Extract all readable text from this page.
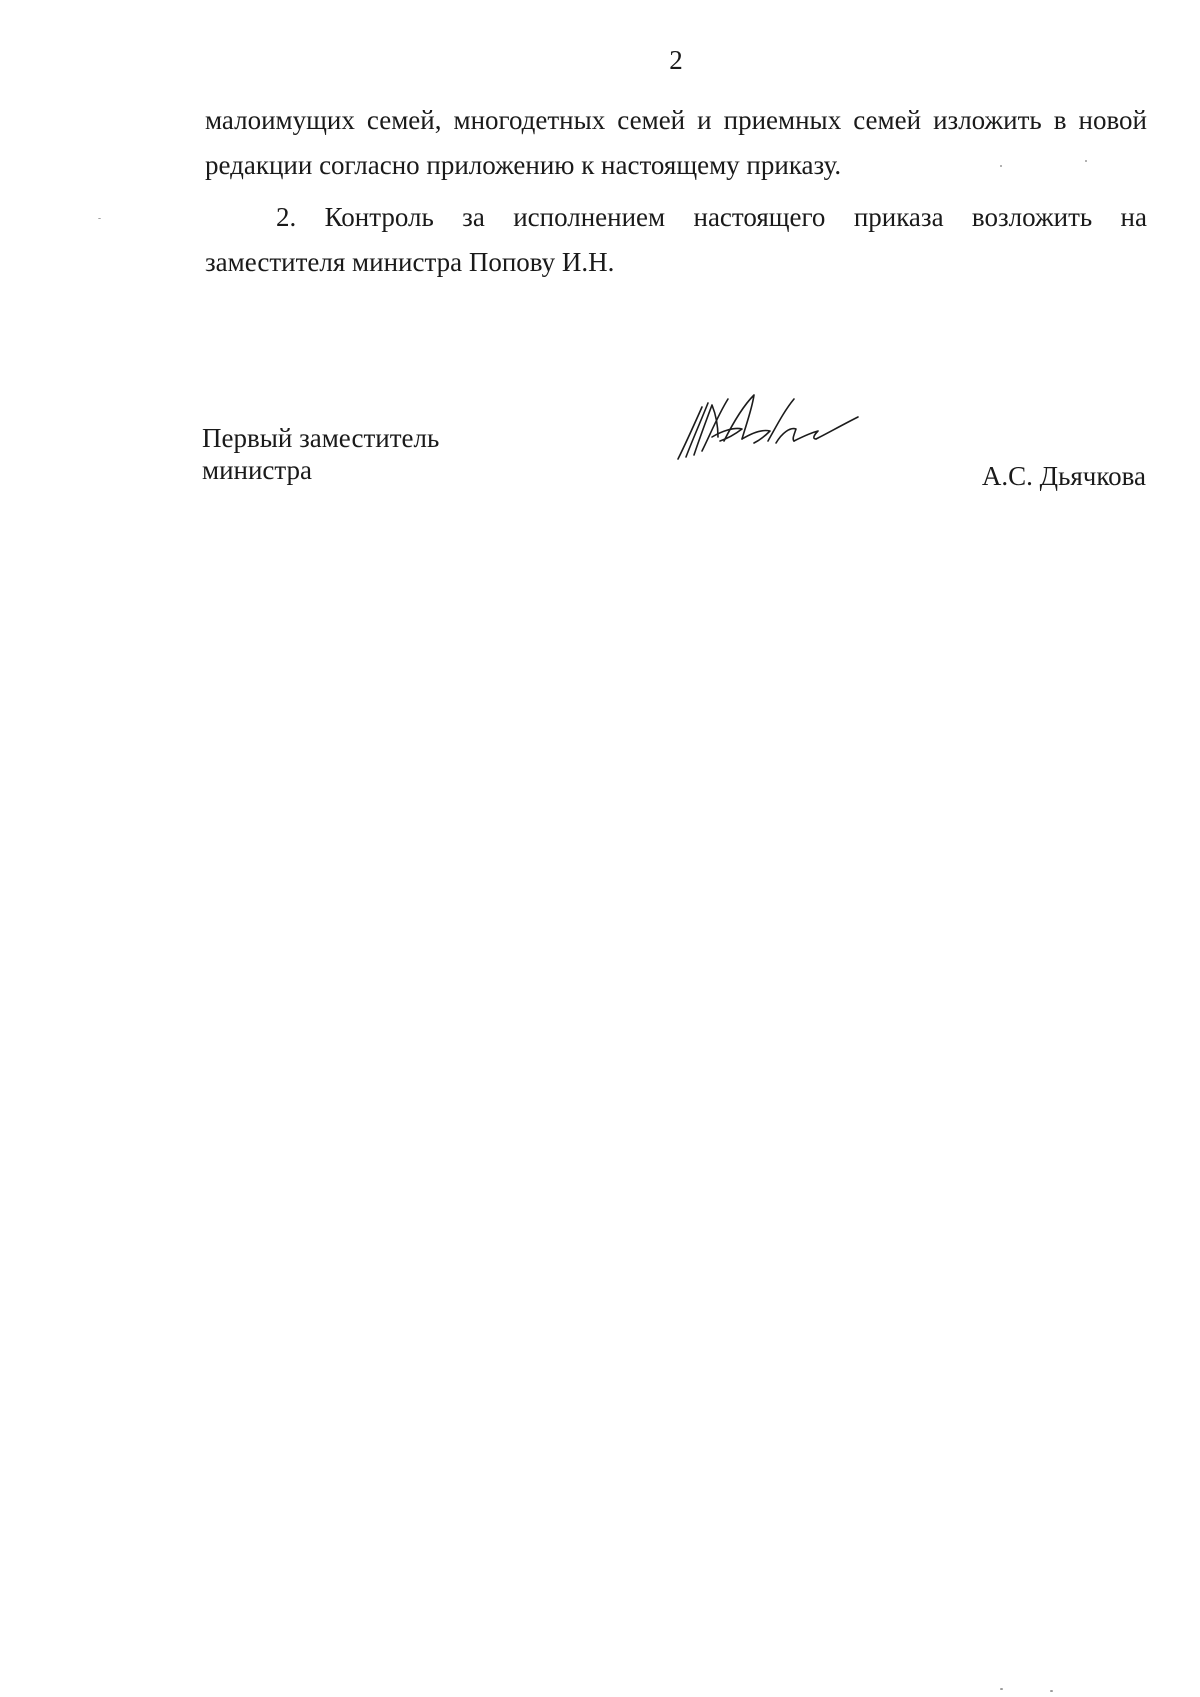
2
малоимущих семей, многодетных семей и приемных семей изложить в новой
редакции согласно приложению к настоящему приказу.
2. Контроль за исполнением настоящего приказа возложить на
заместителя министра Попову И.Н.
Первый заместитель
министра	А.С. Дьячкова
